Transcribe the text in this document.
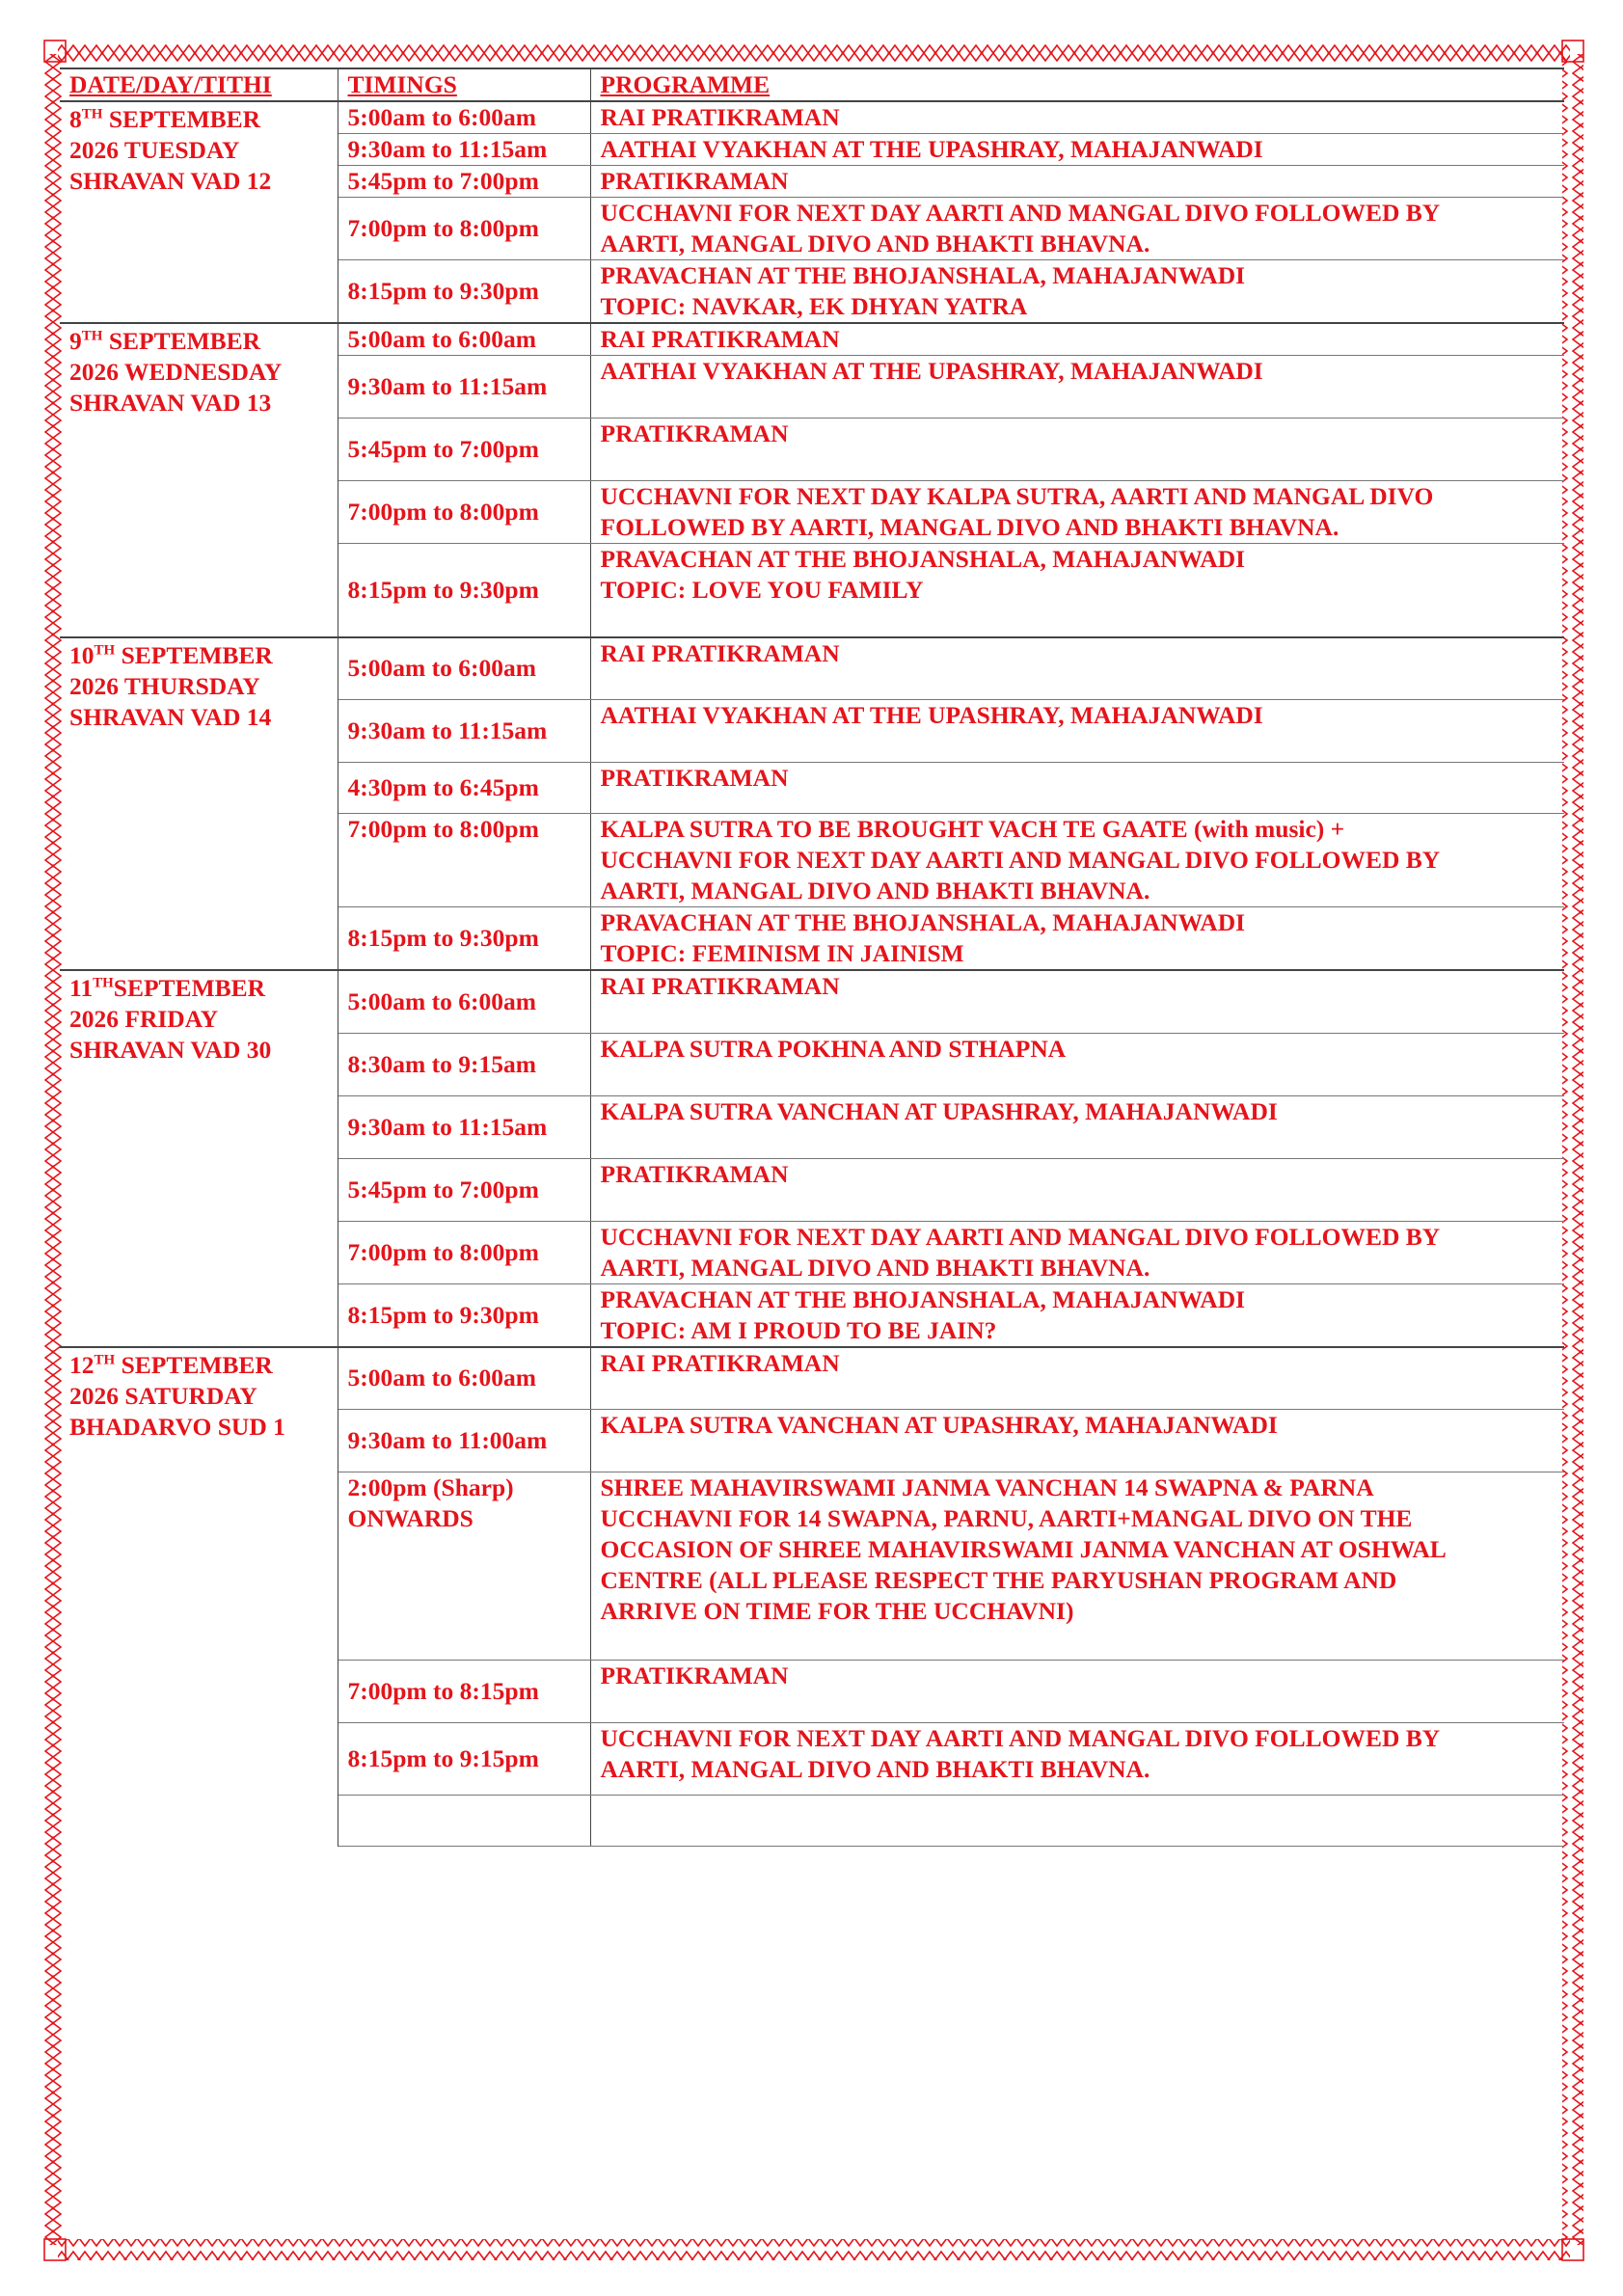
DATE/DAY/TITHI	TIMINGS	PROGRAMME

8TH SEPTEMBER
2026 TUESDAY
SHRAVAN VAD 12	5:00am to 6:00am	RAI PRATIKRAMAN

	9:30am to 11:15am	AATHAI VYAKHAN AT THE UPASHRAY, MAHAJANWADI

	5:45pm to 7:00pm	PRATIKRAMAN

	7:00pm to 8:00pm	UCCHAVNI FOR NEXT DAY AARTI AND MANGAL DIVO FOLLOWED BY
AARTI, MANGAL DIVO AND BHAKTI BHAVNA.

	8:15pm to 9:30pm	PRAVACHAN AT THE BHOJANSHALA, MAHAJANWADI
TOPIC: NAVKAR, EK DHYAN YATRA

9TH SEPTEMBER
2026 WEDNESDAY
SHRAVAN VAD 13	5:00am to 6:00am	RAI PRATIKRAMAN

	9:30am to 11:15am	AATHAI VYAKHAN AT THE UPASHRAY, MAHAJANWADI

	5:45pm to 7:00pm	PRATIKRAMAN

	7:00pm to 8:00pm	UCCHAVNI FOR NEXT DAY KALPA SUTRA, AARTI AND MANGAL DIVO
FOLLOWED BY AARTI, MANGAL DIVO AND BHAKTI BHAVNA.

	8:15pm to 9:30pm	PRAVACHAN AT THE BHOJANSHALA, MAHAJANWADI
TOPIC: LOVE YOU FAMILY

10TH SEPTEMBER
2026 THURSDAY
SHRAVAN VAD 14	5:00am to 6:00am	RAI PRATIKRAMAN

	9:30am to 11:15am	AATHAI VYAKHAN AT THE UPASHRAY, MAHAJANWADI

	4:30pm to 6:45pm	PRATIKRAMAN

	7:00pm to 8:00pm	KALPA SUTRA TO BE BROUGHT VACH TE GAATE (with music) +
UCCHAVNI FOR NEXT DAY AARTI AND MANGAL DIVO FOLLOWED BY
AARTI, MANGAL DIVO AND BHAKTI BHAVNA.

	8:15pm to 9:30pm	PRAVACHAN AT THE BHOJANSHALA, MAHAJANWADI
TOPIC: FEMINISM IN JAINISM

11THSEPTEMBER
2026 FRIDAY
SHRAVAN VAD 30	5:00am to 6:00am	RAI PRATIKRAMAN

	8:30am to 9:15am	KALPA SUTRA POKHNA AND STHAPNA

	9:30am to 11:15am	KALPA SUTRA VANCHAN AT UPASHRAY, MAHAJANWADI

	5:45pm to 7:00pm	PRATIKRAMAN

	7:00pm to 8:00pm	UCCHAVNI FOR NEXT DAY AARTI AND MANGAL DIVO FOLLOWED BY
AARTI, MANGAL DIVO AND BHAKTI BHAVNA.

	8:15pm to 9:30pm	PRAVACHAN AT THE BHOJANSHALA, MAHAJANWADI
TOPIC: AM I PROUD TO BE JAIN?

12TH SEPTEMBER
2026 SATURDAY
BHADARVO SUD 1	5:00am to 6:00am	RAI PRATIKRAMAN

	9:30am to 11:00am	KALPA SUTRA VANCHAN AT UPASHRAY, MAHAJANWADI

	2:00pm (Sharp)
ONWARDS	SHREE MAHAVIRSWAMI JANMA VANCHAN 14 SWAPNA & PARNA
UCCHAVNI FOR 14 SWAPNA, PARNU, AARTI+MANGAL DIVO ON THE
OCCASION OF SHREE MAHAVIRSWAMI JANMA VANCHAN AT OSHWAL
CENTRE (ALL PLEASE RESPECT THE PARYUSHAN PROGRAM AND
ARRIVE ON TIME FOR THE UCCHAVNI)

	7:00pm to 8:15pm	PRATIKRAMAN

	8:15pm to 9:15pm	UCCHAVNI FOR NEXT DAY AARTI AND MANGAL DIVO FOLLOWED BY
AARTI, MANGAL DIVO AND BHAKTI BHAVNA.
